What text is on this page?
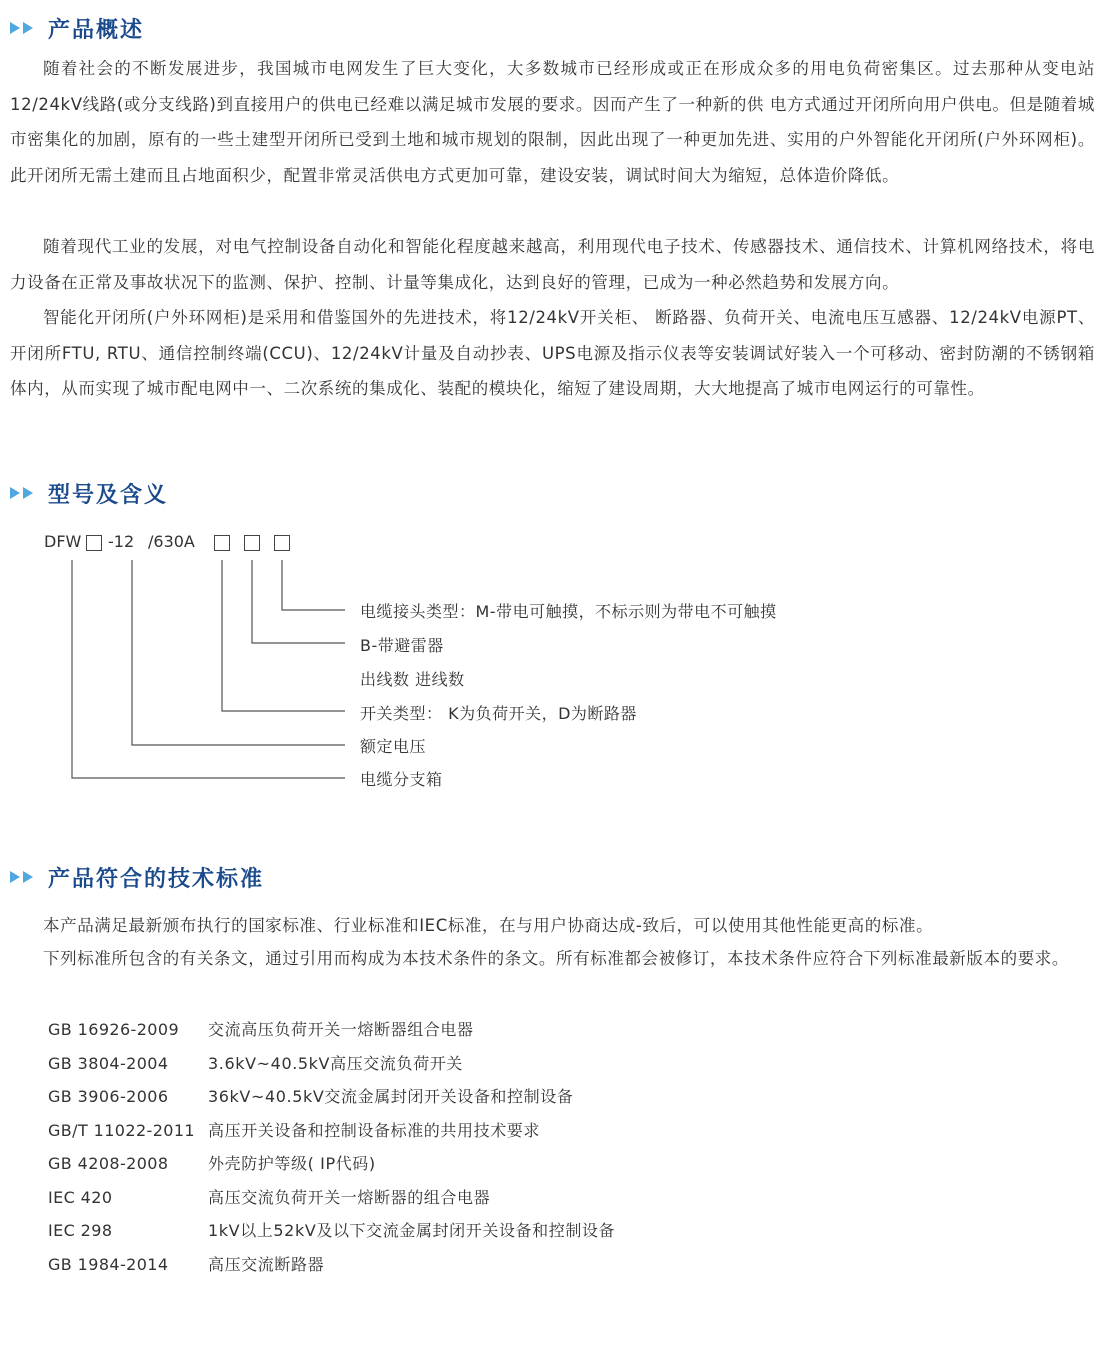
产品概述

随着社会的不断发展进步，我国城市电网发生了巨大变化，大多数城市已经形成或正在形成众多的用电负荷密集区。过去那种从变电站12/24kV线路(或分支线路)到直接用户的供电已经难以满足城市发展的要求。因而产生了一种新的供 电方式通过开闭所向用户供电。但是随着城市密集化的加剧，原有的一些土建型开闭所已受到土地和城市规划的限制，因此出现了一种更加先进、实用的户外智能化开闭所(户外环网柜)。此开闭所无需土建而且占地面积少，配置非常灵活供电方式更加可靠，建设安装，调试时间大为缩短，总体造价降低。

随着现代工业的发展，对电气控制设备自动化和智能化程度越来越高，利用现代电子技术、传感器技术、通信技术、计算机网络技术，将电力设备在正常及事故状况下的监测、保护、控制、计量等集成化，达到良好的管理，已成为一种必然趋势和发展方向。

智能化开闭所(户外环网柜)是采用和借鉴国外的先进技术，将12/24kV开关柜、 断路器、负荷开关、电流电压互感器、12/24kV电源PT、开闭所FTU, RTU、通信控制终端(CCU)、12/24kV计量及自动抄表、UPS电源及指示仪表等安装调试好装入一个可移动、密封防潮的不锈钢箱体内，从而实现了城市配电网中一、二次系统的集成化、装配的模块化，缩短了建设周期，大大地提高了城市电网运行的可靠性。

型号及含义
DFW -12 /630A
电缆接头类型：M-带电可触摸，不标示则为带电不可触摸
B-带避雷器
出线数 进线数
开关类型： K为负荷开关，D为断路器
额定电压
电缆分支箱
产品符合的技术标准

本产品满足最新颁布执行的国家标准、行业标准和IEC标准，在与用户协商达成-致后，可以使用其他性能更高的标准。

下列标准所包含的有关条文，通过引用而构成为本技术条件的条文。所有标准都会被修订，本技术条件应符合下列标准最新版本的要求。

GB 16926-2009 交流高压负荷开关一熔断器组合电器
GB 3804-2004 3.6kV~40.5kV高压交流负荷开关
GB 3906-2006 36kV~40.5kV交流金属封闭开关设备和控制设备
GB/T 11022-2011 高压开关设备和控制设备标准的共用技术要求
GB 4208-2008 外壳防护等级( IP代码)
IEC 420	高压交流负荷开关一熔断器的组合电器
IEC 298	1kV以上52kV及以下交流金属封闭开关设备和控制设备
GB 1984-2014 高压交流断路器
